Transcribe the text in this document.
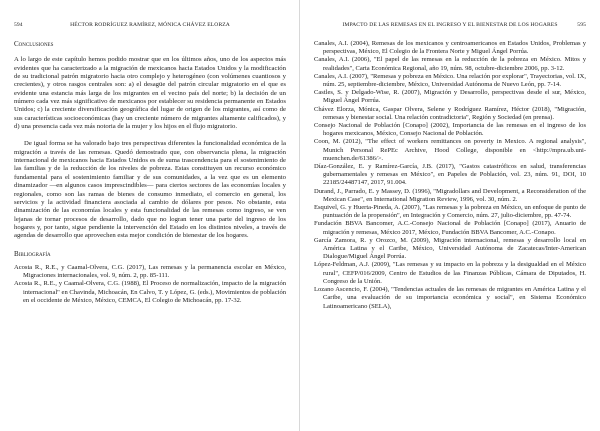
HÉCTOR RODRÍGUEZ RAMÍREZ, MÓNICA CHÁVEZ ELORZA
594
Conclusiones

A lo largo de este capítulo hemos podido mostrar que en los últimos años, uno de los aspectos más evidentes que ha caracterizado a la migración de mexicanos hacia Estados Unidos y la modificación de su tradicional patrón migratorio hacia otro complejo y heterogéneo (con volúmenes cuantiosos y crecientes), y otros rasgos centrales son: a) el desagüe del patrón circular migratorio en el que es evidente una estancia más larga de los migrantes en el vecino país del norte; b) la decisión de un número cada vez más significativo de mexicanos por establecer su residencia permanente en Estados Unidos; c) la creciente diversificación geográfica del lugar de origen de los migrantes, así como de sus características socioeconómicas (hay un creciente número de migrantes altamente calificados), y d) una presencia cada vez más notoria de la mujer y los hijos en el flujo migratorio.

De igual forma se ha valorado bajo tres perspectivas diferentes la funcionalidad económica de la migración a través de las remesas. Quedó demostrado que, con observancia plena, la migración internacional de mexicanos hacia Estados Unidos es de suma trascendencia para el sostenimiento de las familias y de la reducción de los niveles de pobreza. Estas constituyen un recurso económico fundamental para el sostenimiento familiar y de sus comunidades, a la vez que es un elemento dinamizador —en algunos casos imprescindibles— para ciertos sectores de las economías locales y regionales, como son las ramas de bienes de consumo inmediato, el comercio en general, los servicios y la actividad financiera asociada al cambio de dólares por pesos. No obstante, esta dinamización de las economías locales y esta funcionalidad de las remesas como ingreso, se ven lejanas de tornar procesos de desarrollo, dado que no logran tener una parte del ingreso de los hogares y, por tanto, sigue pendiente la intervención del Estado en los distintos niveles, a través de agendas de desarrollo que aprovechen esta mejor condición de bienestar de los hogares.

Bibliografía
Acosta R., R.E., y Caamal-Olvera, C.G. (2017), Las remesas y la permanencia escolar en México, Migraciones internacionales, vol. 9, núm. 2, pp. 85-111.
Acosta R., R.E., y Caamal-Olvera, C.G. (1988), El Proceso de normalización, impacto de la migración internacional" en Chavinda, Michoacán, En Calvo, T. y López, G. (eds.), Movimientos de población en el occidente de México, México, CEMCA, El Colegio de Michoacán, pp. 17-32.
IMPACTO DE LAS REMESAS EN EL INGRESO Y EL BIENESTAR DE LOS HOGARES	595
Canales, A.I. (2004), Remesas de los mexicanos y centroamericanos en Estados Unidos, Problemas y perspectivas, México, El Colegio de la Frontera Norte y Miguel Ángel Porrúa.
Canales, A.I. (2006), "El papel de las remesas en la reducción de la pobreza en México. Mitos y realidades", Carta Económica Regional, año 19, núm. 98, octubre-diciembre 2006, pp. 3-12.
Canales, A.I. (2007), "Remesas y pobreza en México. Una relación por explorar", Trayectorias, vol. IX, núm. 25, septiembre-diciembre, México, Universidad Autónoma de Nuevo León, pp. 7-14.
Castles, S. y Delgado-Wise, R. (2007), Migración y Desarrollo, perspectivas desde el sur, México, Miguel Ángel Porrúa.
Chávez Elorza, Mónica, Gaspar Olvera, Selene y Rodríguez Ramírez, Héctor (2018), "Migración, remesas y bienestar social. Una relación contradictoria", Región y Sociedad (en prensa).
Consejo Nacional de Población [Conapo] (2002), Importancia de las remesas en el ingreso de los hogares mexicanos, México, Consejo Nacional de Población.
Coon, M. (2012), "The effect of workers remittances on poverty in Mexico. A regional analysis", Munich Personal RePEc Archive, Hood College, disponible en <http://mpra.ub.uni-muenchen.de/61386/>.
Díaz-González, E. y Ramírez-García, J.B. (2017), "Gastos catastróficos en salud, transferencias gubernamentales y remesas en México", en Papeles de Población, vol. 23, núm. 91, DOI, 10 22185/24487147, 2017, 91.004.
Durand, J., Parrado, E. y Massey, D. (1996), "Migradollars and Development, a Reconsideration of the Mexican Case", en International Migration Review, 1996, vol. 30, núm. 2.
Esquivel, G. y Huerta-Pineda, A. (2007), "Las remesas y la pobreza en México, un enfoque de punto de puntuación de la propensión", en Integración y Comercio, núm. 27, julio-diciembre, pp. 47-74.
Fundación BBVA Bancomer, A.C.-Consejo Nacional de Población [Conapo] (2017), Anuario de migración y remesas, México 2017, México, Fundación BBVA Bancomer, A.C.-Conapo.
García Zamora, R. y Orozco, M. (2009), Migración internacional, remesas y desarrollo local en América Latina y el Caribe, México, Universidad Autónoma de Zacatecas/Inter-American Dialogue/Miguel Ángel Porrúa.
López-Feldman, A.J. (2009), "Las remesas y su impacto en la pobreza y la desigualdad en el México rural", CEFP/016/2009, Centro de Estudios de las Finanzas Públicas, Cámara de Diputados, H. Congreso de la Unión.
Lozano Ascencio, F. (2004), "Tendencias actuales de las remesas de migrantes en América Latina y el Caribe, una evaluación de su importancia económica y social", en Sistema Económico Latinoamericano (SELA),
